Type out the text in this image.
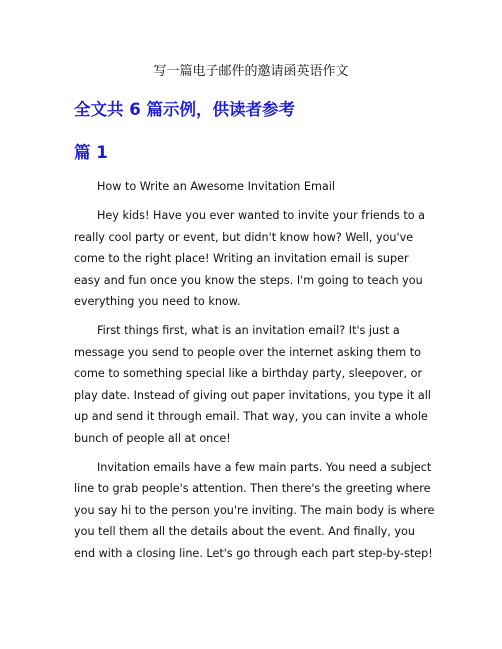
写一篇电子邮件的邀请函英语作文
全文共 6 篇示例，供读者参考
篇 1

How to Write an Awesome Invitation Email

Hey kids! Have you ever wanted to invite your friends to a really cool party or event, but didn't know how? Well, you've come to the right place! Writing an invitation email is super easy and fun once you know the steps. I'm going to teach you everything you need to know.

First things first, what is an invitation email? It's just a message you send to people over the internet asking them to come to something special like a birthday party, sleepover, or play date. Instead of giving out paper invitations, you type it all up and send it through email. That way, you can invite a whole bunch of people all at once!

Invitation emails have a few main parts. You need a subject line to grab people's attention. Then there's the greeting where you say hi to the person you're inviting. The main body is where you tell them all the details about the event. And finally, you end with a closing line. Let's go through each part step-by-step!
